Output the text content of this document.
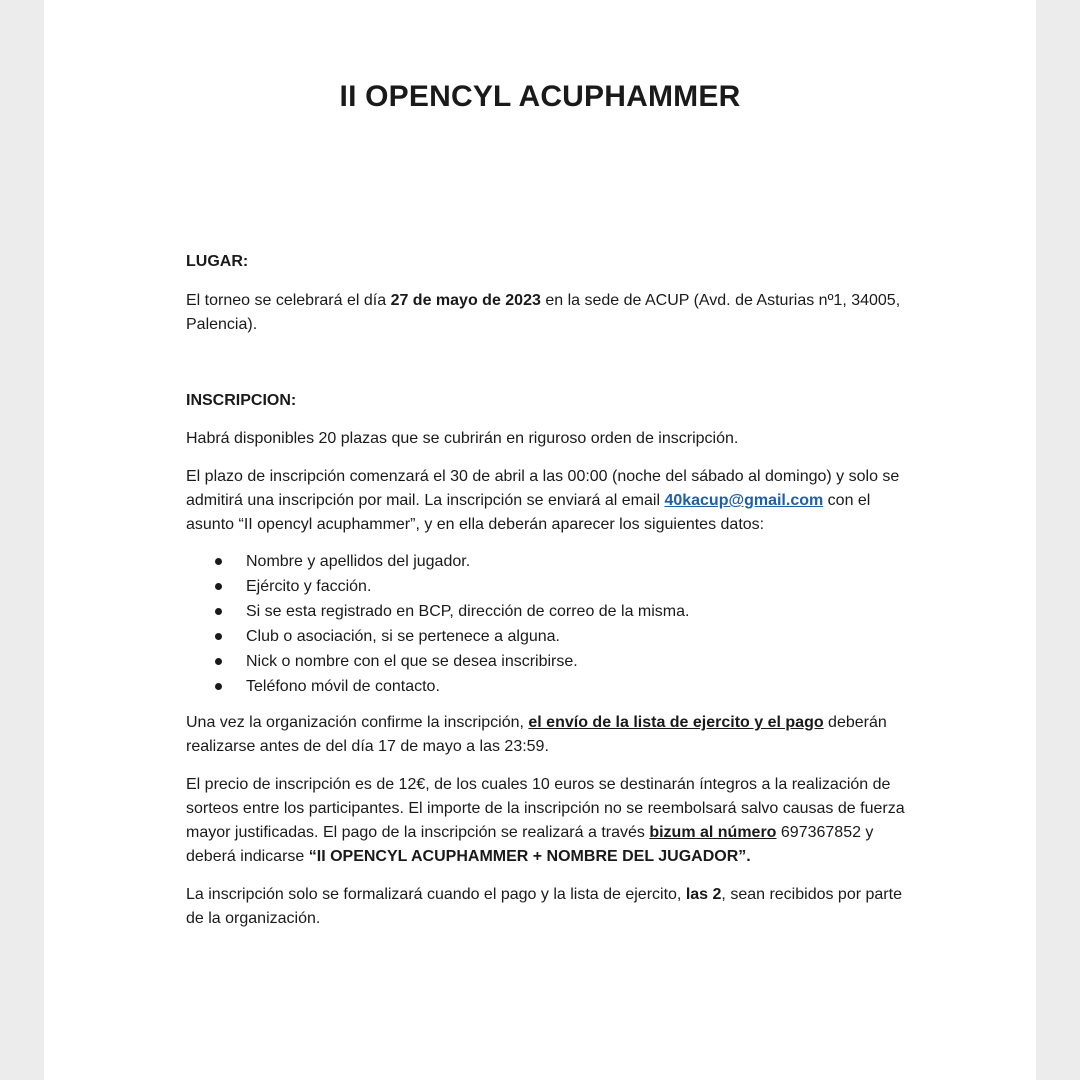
II OPENCYL ACUPHAMMER

LUGAR:

El torneo se celebrará el día 27 de mayo de 2023 en la sede de ACUP (Avd. de Asturias nº1, 34005, Palencia).

INSCRIPCION:

Habrá disponibles 20 plazas que se cubrirán en riguroso orden de inscripción.

El plazo de inscripción comenzará el 30 de abril a las 00:00 (noche del sábado al domingo) y solo se admitirá una inscripción por mail. La inscripción se enviará al email 40kacup@gmail.com con el asunto “II opencyl acuphammer”, y en ella deberán aparecer los siguientes datos:

Nombre y apellidos del jugador.
Ejército y facción.
Si se esta registrado en BCP, dirección de correo de la misma.
Club o asociación, si se pertenece a alguna.
Nick o nombre con el que se desea inscribirse.
Teléfono móvil de contacto.

Una vez la organización confirme la inscripción, el envío de la lista de ejercito y el pago deberán realizarse antes de del día 17 de mayo a las 23:59.

El precio de inscripción es de 12€, de los cuales 10 euros se destinarán íntegros a la realización de sorteos entre los participantes. El importe de la inscripción no se reembolsará salvo causas de fuerza mayor justificadas. El pago de la inscripción se realizará a través bizum al número 697367852 y deberá indicarse “II OPENCYL ACUPHAMMER + NOMBRE DEL JUGADOR”.

La inscripción solo se formalizará cuando el pago y la lista de ejercito, las 2, sean recibidos por parte de la organización.
